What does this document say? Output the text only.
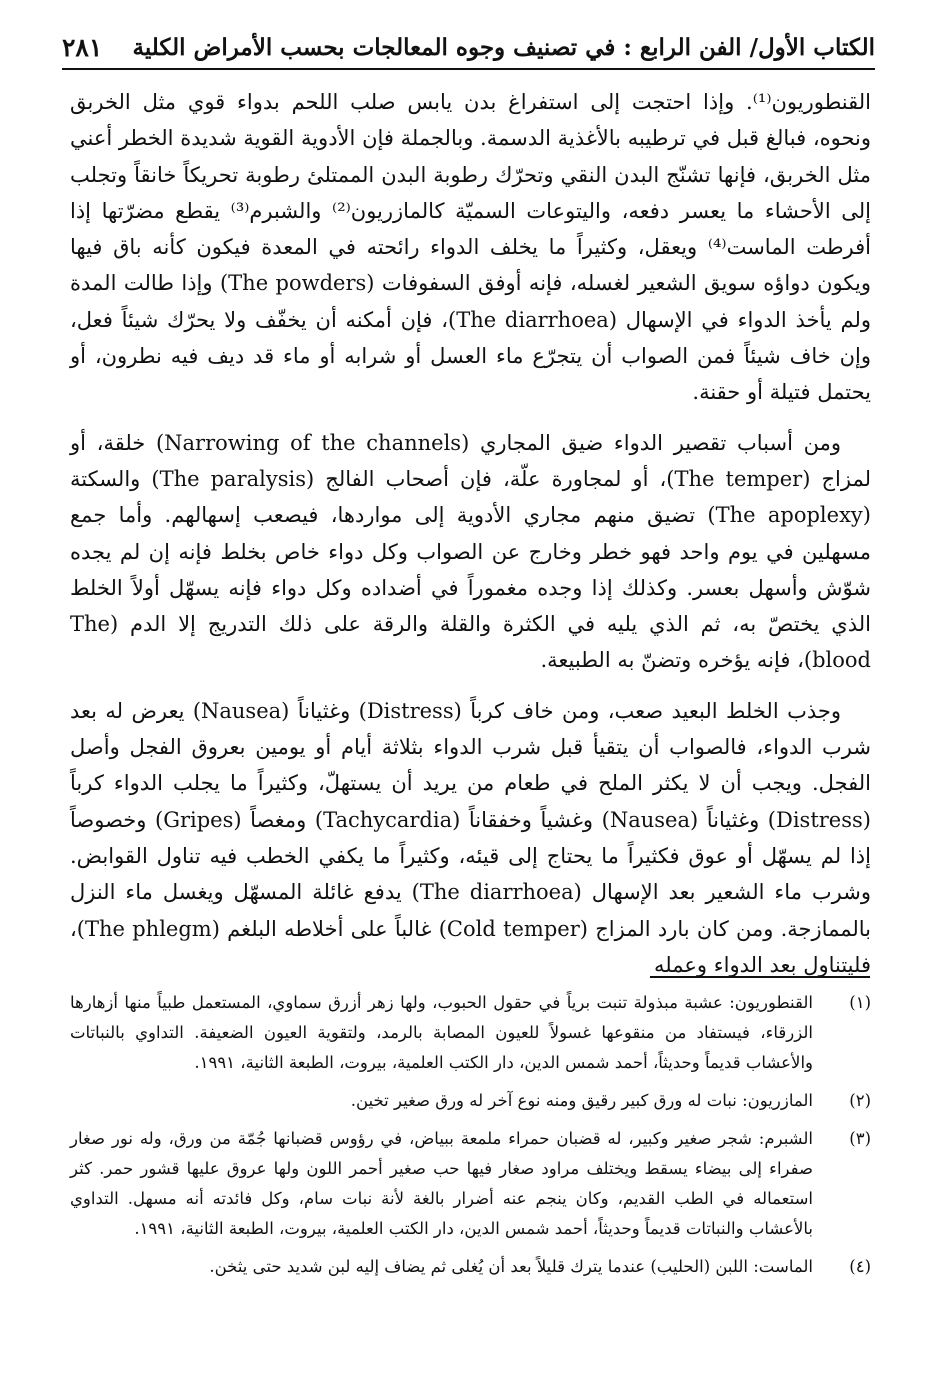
٢٨١ الكتاب الأول/ الفن الرابع : في تصنيف وجوه المعالجات بحسب الأمراض الكلية

القنطوريون⁽¹⁾. وإذا احتجت إلى استفراغ بدن يابس صلب اللحم بدواء قوي مثل الخربق ونحوه، فبالغ قبل في ترطيبه بالأغذية الدسمة. وبالجملة فإن الأدوية القوية شديدة الخطر أعني مثل الخربق، فإنها تشنّج البدن النقي وتحرّك رطوبة البدن الممتلئ رطوبة تحريكاً خانقاً وتجلب إلى الأحشاء ما يعسر دفعه، واليتوعات السميّة كالمازريون⁽²⁾ والشبرم⁽³⁾ يقطع مضرّتها إذا أفرطت الماست⁽⁴⁾ ويعقل، وكثيراً ما يخلف الدواء رائحته في المعدة فيكون كأنه باق فيها ويكون دواؤه سويق الشعير لغسله، فإنه أوفق السفوفات (The powders) وإذا طالت المدة ولم يأخذ الدواء في الإسهال (The diarrhoea)، فإن أمكنه أن يخفّف ولا يحرّك شيئاً فعل، وإن خاف شيئاً فمن الصواب أن يتجرّع ماء العسل أو شرابه أو ماء قد ديف فيه نطرون، أو يحتمل فتيلة أو حقنة.

ومن أسباب تقصير الدواء ضيق المجاري (Narrowing of the channels) خلقة، أو لمزاج (The temper)، أو لمجاورة علّة، فإن أصحاب الفالج (The paralysis) والسكتة (The apoplexy) تضيق منهم مجاري الأدوية إلى مواردها، فيصعب إسهالهم. وأما جمع مسهلين في يوم واحد فهو خطر وخارج عن الصواب وكل دواء خاص بخلط فإنه إن لم يجده شوّش وأسهل بعسر. وكذلك إذا وجده مغموراً في أضداده وكل دواء فإنه يسهّل أولاً الخلط الذي يختصّ به، ثم الذي يليه في الكثرة والقلة والرقة على ذلك التدريج إلا الدم (The blood)، فإنه يؤخره وتضنّ به الطبيعة.

وجذب الخلط البعيد صعب، ومن خاف كرباً (Distress) وغثياناً (Nausea) يعرض له بعد شرب الدواء، فالصواب أن يتقيأ قبل شرب الدواء بثلاثة أيام أو يومين بعروق الفجل وأصل الفجل. ويجب أن لا يكثر الملح في طعام من يريد أن يستهلّ، وكثيراً ما يجلب الدواء كرباً (Distress) وغثياناً (Nausea) وغشياً وخفقاناً (Tachycardia) ومغصاً (Gripes) وخصوصاً إذا لم يسهّل أو عوق فكثيراً ما يحتاج إلى قيئه، وكثيراً ما يكفي الخطب فيه تناول القوابض. وشرب ماء الشعير بعد الإسهال (The diarrhoea) يدفع غائلة المسهّل ويغسل ماء النزل بالممازجة. ومن كان بارد المزاج (Cold temper) غالباً على أخلاطه البلغم (The phlegm)، فليتناول بعد الدواء وعمله

(١)
القنطوريون: عشبة مبذولة تنبت برياً في حقول الحبوب، ولها زهر أزرق سماوي، المستعمل طبياً منها أزهارها الزرقاء، فيستفاد من منقوعها غسولاً للعيون المصابة بالرمد، ولتقوية العيون الضعيفة. التداوي بالنباتات والأعشاب قديماً وحديثاً، أحمد شمس الدين، دار الكتب العلمية، بيروت، الطبعة الثانية، ١٩٩١.
(٢)
المازريون: نبات له ورق كبير رقيق ومنه نوع آخر له ورق صغير تخين.
(٣)
الشبرم: شجر صغير وكبير، له قضبان حمراء ملمعة ببياض، في رؤوس قضبانها جُمّة من ورق، وله نور صغار صفراء إلى بيضاء يسقط ويختلف مراود صغار فيها حب صغير أحمر اللون ولها عروق عليها قشور حمر. كثر استعماله في الطب القديم، وكان ينجم عنه أضرار بالغة لأنة نبات سام، وكل فائدته أنه مسهل. التداوي بالأعشاب والنباتات قديماً وحديثاً، أحمد شمس الدين، دار الكتب العلمية، بيروت، الطبعة الثانية، ١٩٩١.
(٤)
الماست: اللبن (الحليب) عندما يترك قليلاً بعد أن يُغلى ثم يضاف إليه لبن شديد حتى يثخن.
